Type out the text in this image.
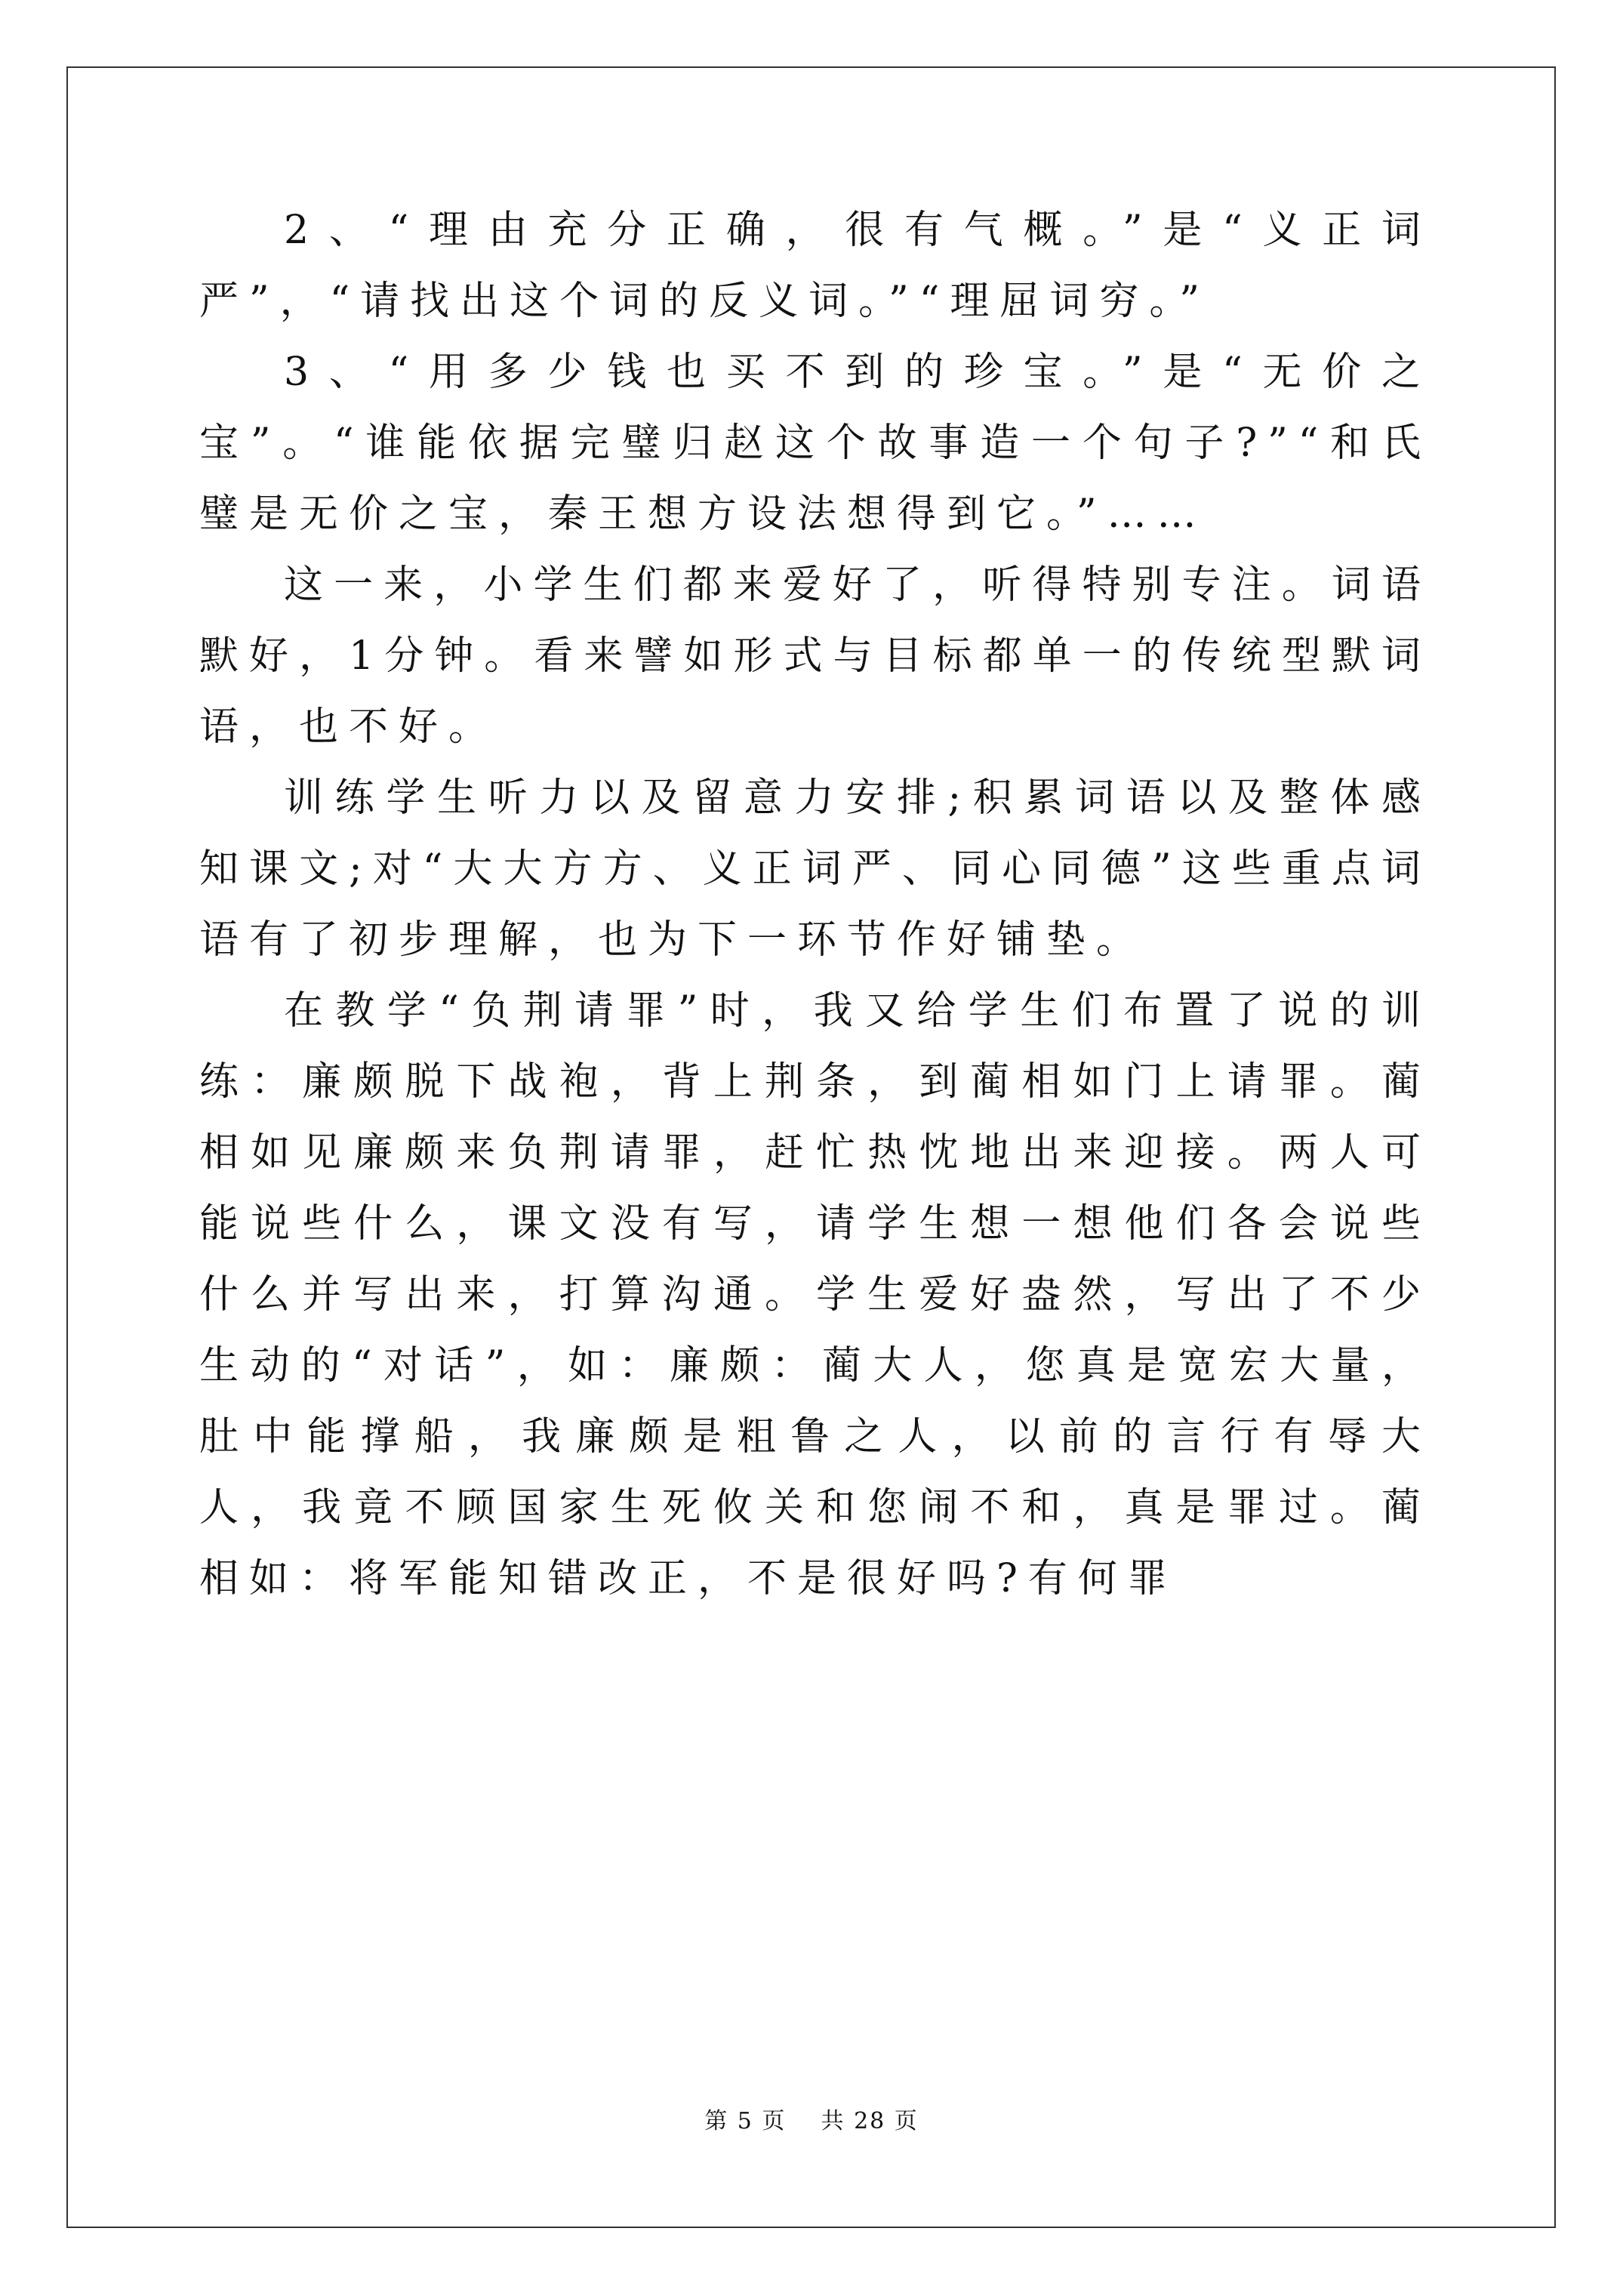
2、“理由充分正确，很有气概。”是“义正词严”，“请找出这个词的反义词。”“理屈词穷。”

3、“用多少钱也买不到的珍宝。”是“无价之宝”。“谁能依据完璧归赵这个故事造一个句子?”“和氏璧是无价之宝，秦王想方设法想得到它。”……

这一来，小学生们都来爱好了，听得特别专注。词语默好，1分钟。看来譬如形式与目标都单一的传统型默词语，也不好。

训练学生听力以及留意力安排;积累词语以及整体感知课文;对“大大方方、义正词严、同心同德”这些重点词语有了初步理解，也为下一环节作好铺垫。

在教学“负荆请罪”时，我又给学生们布置了说的训练：廉颇脱下战袍，背上荆条，到蔺相如门上请罪。蔺相如见廉颇来负荆请罪，赶忙热忱地出来迎接。两人可能说些什么，课文没有写，请学生想一想他们各会说些什么并写出来，打算沟通。学生爱好盎然，写出了不少生动的“对话”，如：廉颇：蔺大人，您真是宽宏大量，肚中能撑船，我廉颇是粗鲁之人，以前的言行有辱大人，我竟不顾国家生死攸关和您闹不和，真是罪过。蔺相如：将军能知错改正，不是很好吗?有何罪

第 5 页 共 28 页
